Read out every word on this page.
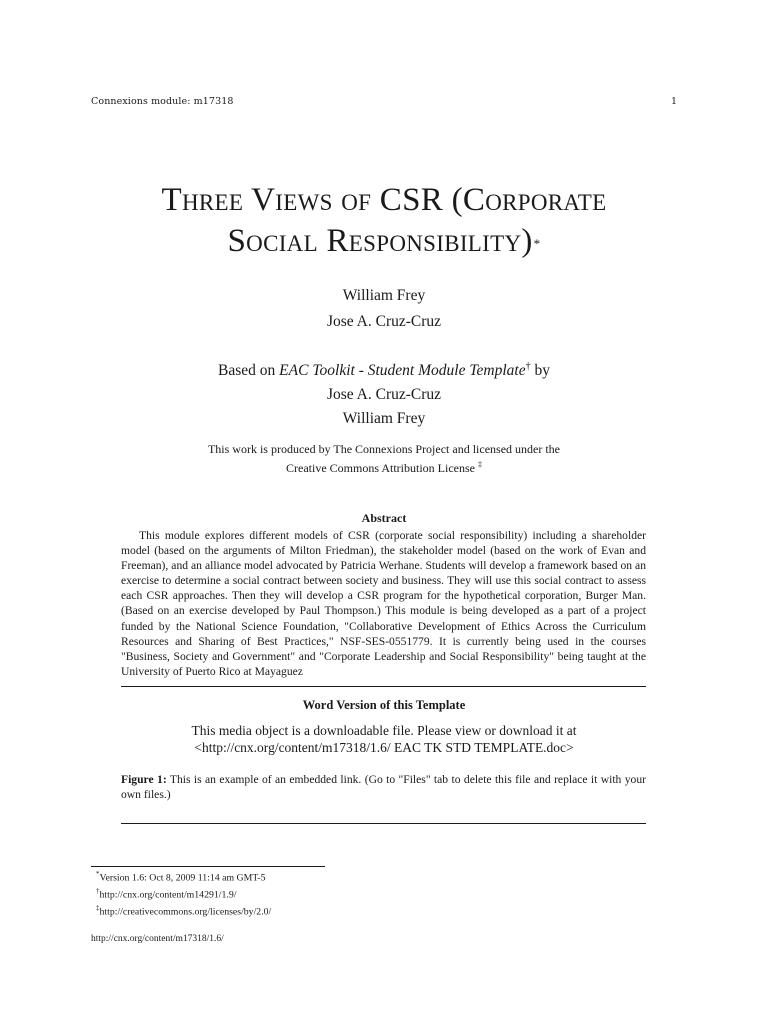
Connexions module: m17318	1
Three Views of CSR (Corporate
Social Responsibility)*
William Frey
Jose A. Cruz-Cruz
Based on EAC Toolkit - Student Module Template† by
Jose A. Cruz-Cruz
William Frey
This work is produced by The Connexions Project and licensed under the
Creative Commons Attribution License ‡
Abstract
This module explores different models of CSR (corporate social responsibility) including a shareholder model (based on the arguments of Milton Friedman), the stakeholder model (based on the work of Evan and Freeman), and an alliance model advocated by Patricia Werhane. Students will develop a framework based on an exercise to determine a social contract between society and business. They will use this social contract to assess each CSR approaches. Then they will develop a CSR program for the hypothetical corporation, Burger Man. (Based on an exercise developed by Paul Thompson.) This module is being developed as a part of a project funded by the National Science Foundation, "Collaborative Development of Ethics Across the Curriculum Resources and Sharing of Best Practices," NSF-SES-0551779. It is currently being used in the courses "Business, Society and Government" and "Corporate Leadership and Social Responsibility" being taught at the University of Puerto Rico at Mayaguez
Word Version of this Template
This media object is a downloadable file. Please view or download it at
<http://cnx.org/content/m17318/1.6/ EAC TK STD TEMPLATE.doc>
Figure 1: This is an example of an embedded link. (Go to "Files" tab to delete this file and replace it with your own files.)
*Version 1.6: Oct 8, 2009 11:14 am GMT-5
†http://cnx.org/content/m14291/1.9/
‡http://creativecommons.org/licenses/by/2.0/
http://cnx.org/content/m17318/1.6/
